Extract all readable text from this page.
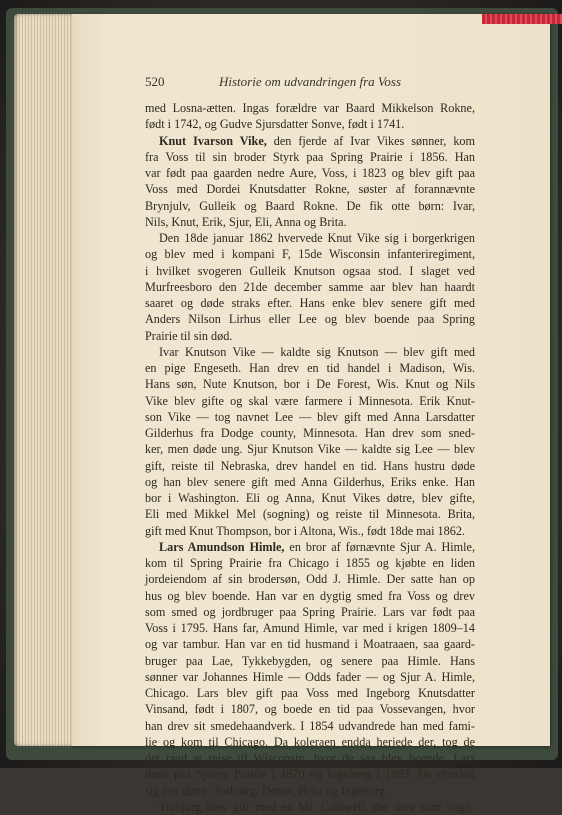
520	Historie om udvandringen fra Voss
med Losna-ætten. Ingas forældre var Baard Mikkelson Rokne,
født i 1742, og Gudve Sjursdatter Sonve, født i 1741.
Knut Ivarson Vike, den fjerde af Ivar Vikes sønner, kom
fra Voss til sin broder Styrk paa Spring Prairie i 1856. Han
var født paa gaarden nedre Aure, Voss, i 1823 og blev gift paa
Voss med Dordei Knutsdatter Rokne, søster af forannævnte
Brynjulv, Gulleik og Baard Rokne. De fik otte børn: Ivar,
Nils, Knut, Erik, Sjur, Eli, Anna og Brita.
Den 18de januar 1862 hvervede Knut Vike sig i borgerkrigen
og blev med i kompani F, 15de Wisconsin infanteriregiment,
i hvilket svogeren Gulleik Knutson ogsaa stod. I slaget ved
Murfreesboro den 21de december samme aar blev han haardt
saaret og døde straks efter. Hans enke blev senere gift med
Anders Nilson Lirhus eller Lee og blev boende paa Spring
Prairie til sin død.
Ivar Knutson Vike — kaldte sig Knutson — blev gift med
en pige Engeseth. Han drev en tid handel i Madison, Wis.
Hans søn, Nute Knutson, bor i De Forest, Wis. Knut og Nils
Vike blev gifte og skal være farmere i Minnesota. Erik Knut-
son Vike — tog navnet Lee — blev gift med Anna Larsdatter
Gilderhus fra Dodge county, Minnesota. Han drev som sned-
ker, men døde ung. Sjur Knutson Vike — kaldte sig Lee — blev
gift, reiste til Nebraska, drev handel en tid. Hans hustru døde
og han blev senere gift med Anna Gilderhus, Eriks enke. Han
bor i Washington. Eli og Anna, Knut Vikes døtre, blev gifte,
Eli med Mikkel Mel (sogning) og reiste til Minnesota. Brita,
gift med Knut Thompson, bor i Altona, Wis., født 18de mai 1862.
Lars Amundson Himle, en bror af førnævnte Sjur A. Himle,
kom til Spring Prairie fra Chicago i 1855 og kjøbte en liden
jordeiendom af sin brodersøn, Odd J. Himle. Der satte han op
hus og blev boende. Han var en dygtig smed fra Voss og drev
som smed og jordbruger paa Spring Prairie. Lars var født paa
Voss i 1795. Hans far, Amund Himle, var med i krigen 1809–14
og var tambur. Han var en tid husmand i Moatraaen, saa gaard-
bruger paa Lae, Tykkebygden, og senere paa Himle. Hans
sønner var Johannes Himle — Odds fader — og Sjur A. Himle,
Chicago. Lars blev gift paa Voss med Ingeborg Knutsdatter
Vinsand, født i 1807, og boede en tid paa Vossevangen, hvor
han drev sit smedehaandverk. I 1854 udvandrede han med fami-
lie og kom til Chicago. Da koleraen endda herjede der, tog de
det raad at reise til Wisconsin, hvor de saa blev boende. Lars
døde paa Spring Prairie i 1870 og Ingeborg i 1893. De efterlod
sig fire døtre: Torbjørg, Dønot, Brita og Ingeborg.
Torbjørg blev gift med en Mr. Caldwell, der drev som vogn-
